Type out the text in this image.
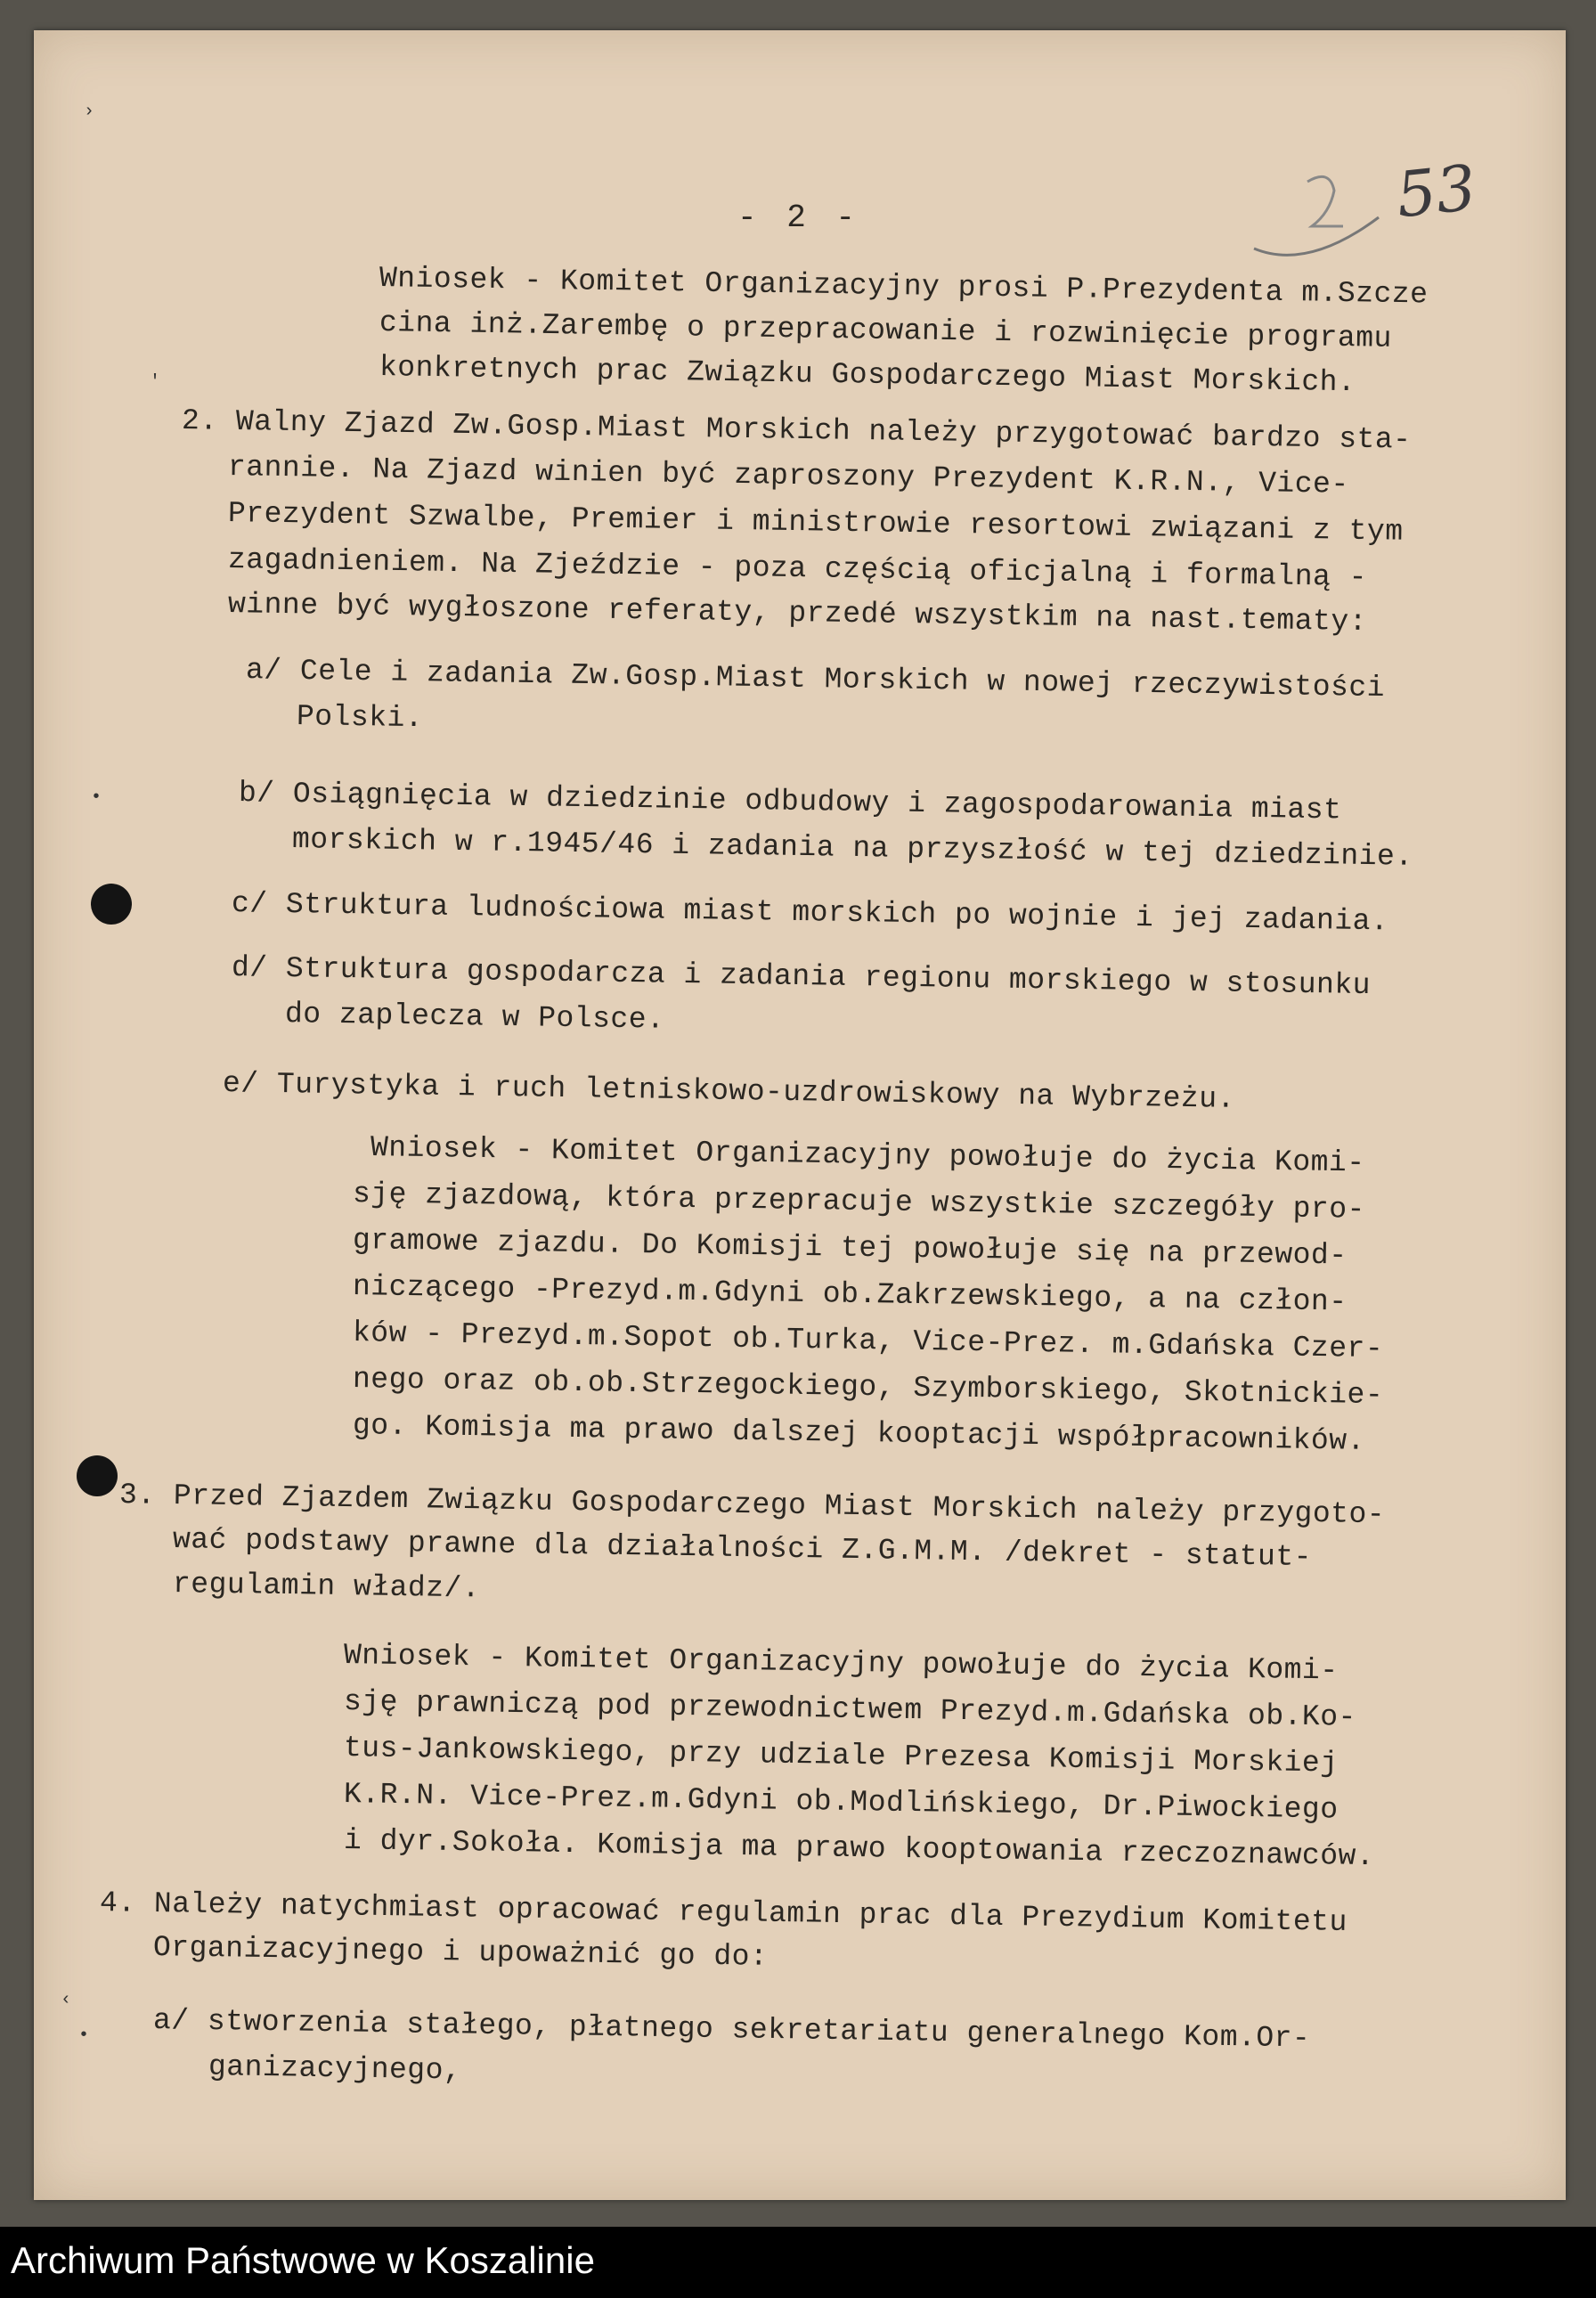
- 2 -	53
›
'
•
‹
•
Wniosek - Komitet Organizacyjny prosi P.Prezydenta m.Szcze
cina inż.Zarembę o przepracowanie i rozwinięcie programu
konkretnych prac Związku Gospodarczego Miast Morskich.
2. Walny Zjazd Zw.Gosp.Miast Morskich należy przygotować bardzo sta-
rannie. Na Zjazd winien być zaproszony Prezydent K.R.N., Vice-
Prezydent Szwalbe, Premier i ministrowie resortowi związani z tym
zagadnieniem. Na Zjeździe - poza częścią oficjalną i formalną -
winne być wygłoszone referaty, przedé wszystkim na nast.tematy:
a/ Cele i zadania Zw.Gosp.Miast Morskich w nowej rzeczywistości
Polski.
b/ Osiągnięcia w dziedzinie odbudowy i zagospodarowania miast
morskich w r.1945/46 i zadania na przyszłość w tej dziedzinie.
c/ Struktura ludnościowa miast morskich po wojnie i jej zadania.
d/ Struktura gospodarcza i zadania regionu morskiego w stosunku
do zaplecza w Polsce.
e/ Turystyka i ruch letniskowo-uzdrowiskowy na Wybrzeżu.
Wniosek - Komitet Organizacyjny powołuje do życia Komi-
sję zjazdową, która przepracuje wszystkie szczegóły pro-
gramowe zjazdu. Do Komisji tej powołuje się na przewod-
niczącego -Prezyd.m.Gdyni ob.Zakrzewskiego, a na człon-
ków - Prezyd.m.Sopot ob.Turka, Vice-Prez. m.Gdańska Czer-
nego oraz ob.ob.Strzegockiego, Szymborskiego, Skotnickie-
go. Komisja ma prawo dalszej kooptacji współpracowników.
3. Przed Zjazdem Związku Gospodarczego Miast Morskich należy przygoto-
wać podstawy prawne dla działalności Z.G.M.M. /dekret - statut-
regulamin władz/.
Wniosek - Komitet Organizacyjny powołuje do życia Komi-
sję prawniczą pod przewodnictwem Prezyd.m.Gdańska ob.Ko-
tus-Jankowskiego, przy udziale Prezesa Komisji Morskiej
K.R.N. Vice-Prez.m.Gdyni ob.Modlińskiego, Dr.Piwockiego
i dyr.Sokoła. Komisja ma prawo kooptowania rzeczoznawców.
4. Należy natychmiast opracować regulamin prac dla Prezydium Komitetu
Organizacyjnego i upoważnić go do:
a/ stworzenia stałego, płatnego sekretariatu generalnego Kom.Or-
ganizacyjnego,
Archiwum Państwowe w Koszalinie
